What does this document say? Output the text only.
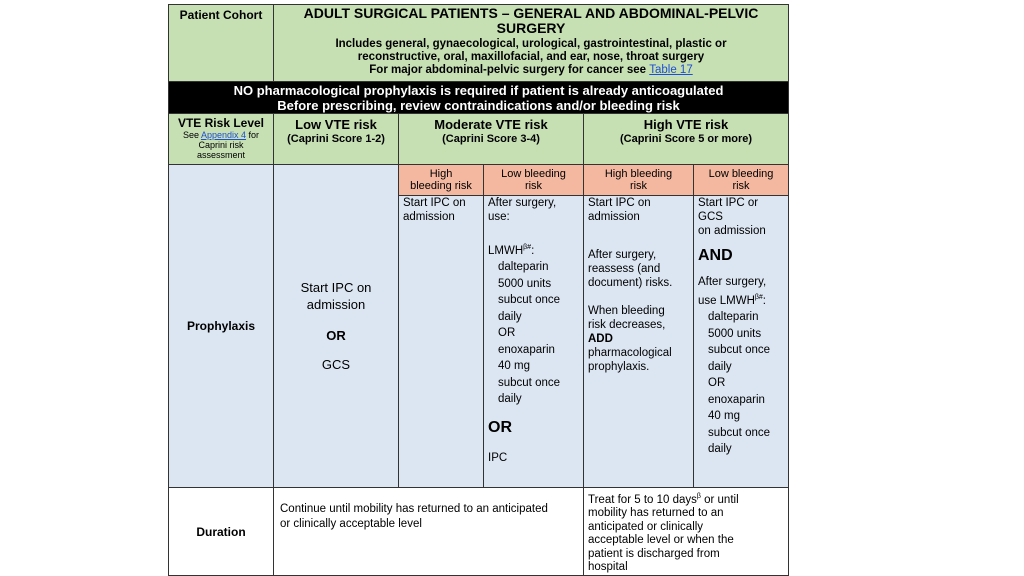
Patient Cohort	ADULT SURGICAL PATIENTS – GENERAL AND ABDOMINAL-PELVIC
SURGERY
Includes general, gynaecological, urological, gastrointestinal, plastic or
reconstructive, oral, maxillofacial, and ear, nose, throat surgery
For major abdominal-pelvic surgery for cancer see Table 17
NO pharmacological prophylaxis is required if patient is already anticoagulated
Before prescribing, review contraindications and/or bleeding risk
VTE Risk Level
See Appendix 4 for
Caprini risk
assessment
Low VTE risk
(Caprini Score 1-2)
Moderate VTE risk
(Caprini Score 3-4)
High VTE risk
(Caprini Score 5 or more)
Prophylaxis
Start IPC on
admission
OR
GCS
High
bleeding risk
Low bleeding
risk
High bleeding
risk
Low bleeding
risk
Start IPC on
admission
After surgery,
use:
$LMWH^{\beta\#}$:
dalteparin
5000 units
subcut once
daily
OR
enoxaparin
40 mg
subcut once
daily
OR
IPC
Start IPC on
admission
After surgery,
reassess (and
document) risks.
When bleeding
risk decreases,
ADD
pharmacological
prophylaxis.
Start IPC or
GCS
on admission
AND
After surgery,
use $LMWH^{\beta\#}$:
dalteparin
5000 units
subcut once
daily
OR
enoxaparin
40 mg
subcut once
daily
Duration
Continue until mobility has returned to an anticipated
or clinically acceptable level
Treat for 5 to 10 days$^\beta$ or until
mobility has returned to an
anticipated or clinically
acceptable level or when the
patient is discharged from
hospital
